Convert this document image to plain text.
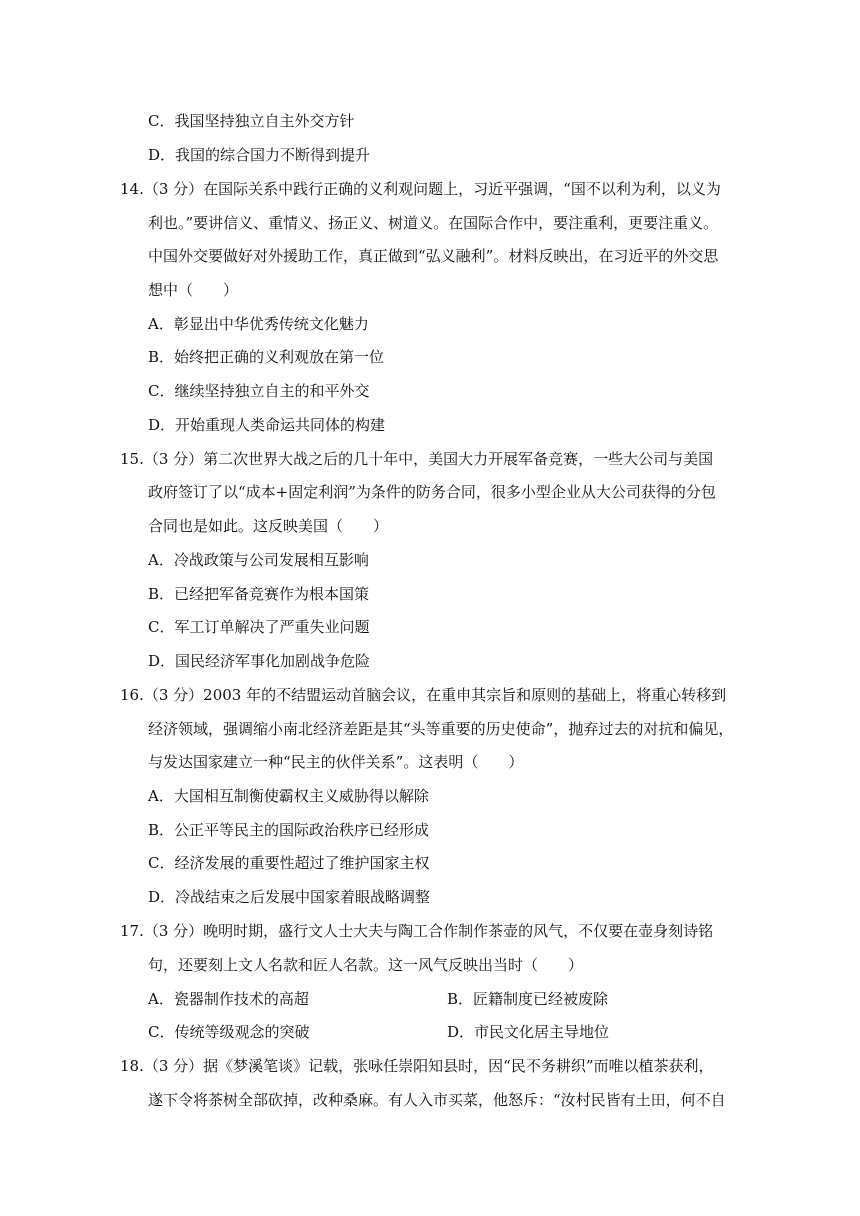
C．我国坚持独立自主外交方针
D．我国的综合国力不断得到提升
14.（3 分）在国际关系中践行正确的义利观问题上，习近平强调，“国不以利为利，以义为
利也。”要讲信义、重情义、扬正义、树道义。在国际合作中，要注重利，更要注重义。
中国外交要做好对外援助工作，真正做到“弘义融利”。材料反映出，在习近平的外交思
想中（　　）
A．彰显出中华优秀传统文化魅力
B．始终把正确的义利观放在第一位
C．继续坚持独立自主的和平外交
D．开始重现人类命运共同体的构建
15.（3 分）第二次世界大战之后的几十年中，美国大力开展军备竞赛，一些大公司与美国
政府签订了以“成本+固定利润”为条件的防务合同，很多小型企业从大公司获得的分包
合同也是如此。这反映美国（　　）
A．冷战政策与公司发展相互影响
B．已经把军备竞赛作为根本国策
C．军工订单解决了严重失业问题
D．国民经济军事化加剧战争危险
16.（3 分）2003 年的不结盟运动首脑会议，在重申其宗旨和原则的基础上，将重心转移到
经济领域，强调缩小南北经济差距是其“头等重要的历史使命”，抛弃过去的对抗和偏见，
与发达国家建立一种“民主的伙伴关系”。这表明（　　）
A．大国相互制衡使霸权主义威胁得以解除
B．公正平等民主的国际政治秩序已经形成
C．经济发展的重要性超过了维护国家主权
D．冷战结束之后发展中国家着眼战略调整
17.（3 分）晚明时期，盛行文人士大夫与陶工合作制作茶壶的风气，不仅要在壶身刻诗铭
句，还要刻上文人名款和匠人名款。这一风气反映出当时（　　）
A．瓷器制作技术的高超	B．匠籍制度已经被废除
C．传统等级观念的突破	D．市民文化居主导地位
18.（3 分）据《梦溪笔谈》记载，张咏任崇阳知县时，因“民不务耕织”而唯以植茶获利，
遂下令将茶树全部砍掉，改种桑麻。有人入市买菜，他怒斥：“汝村民皆有土田，何不自
